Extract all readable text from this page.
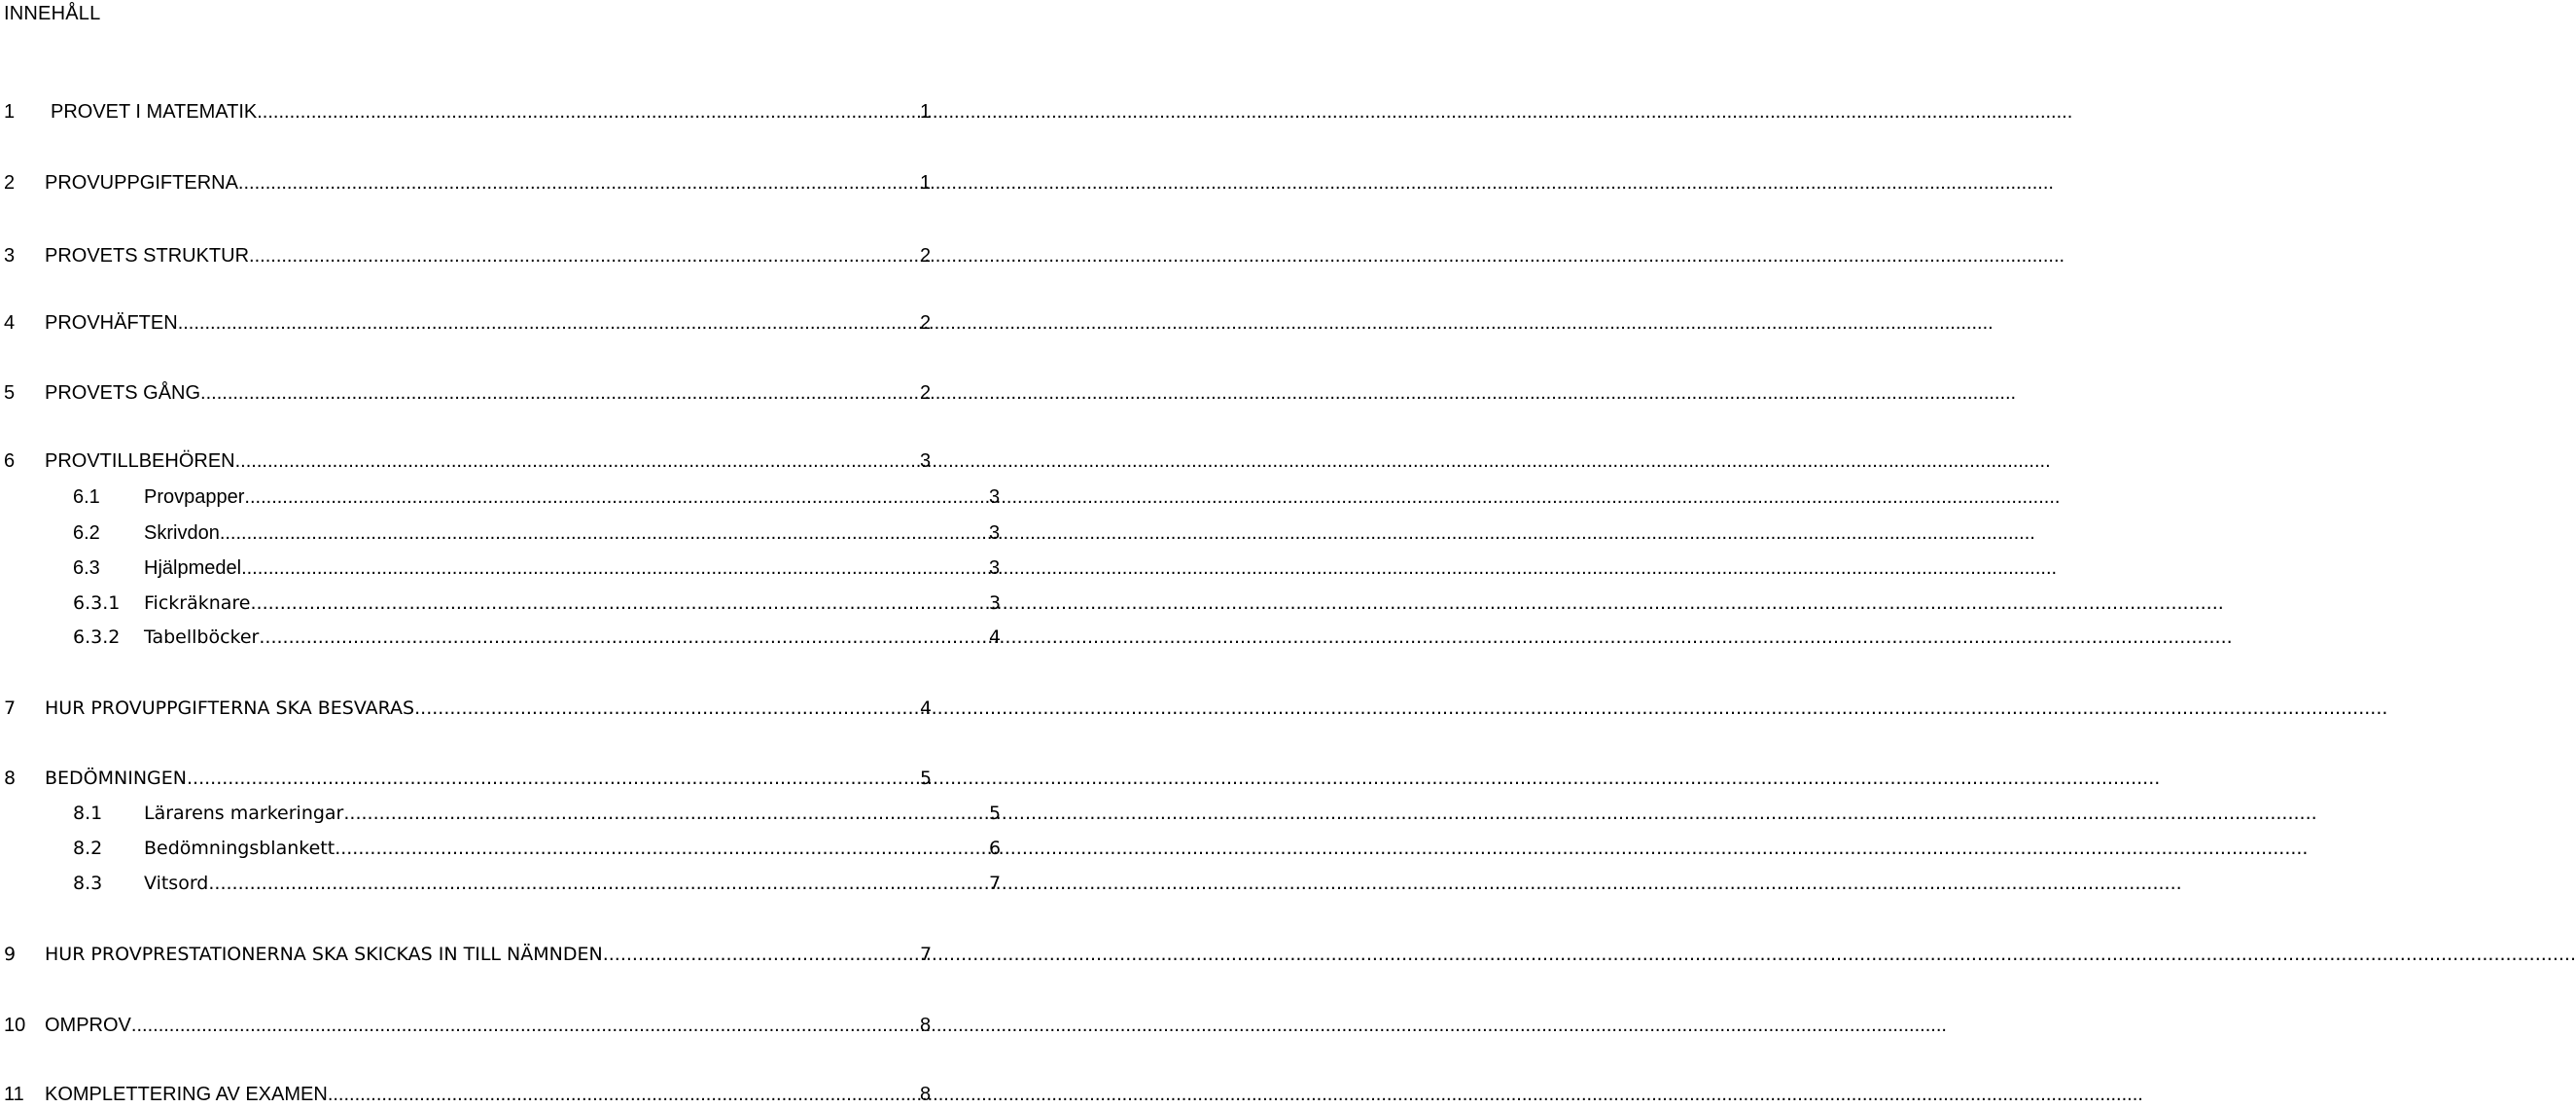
INNEHÅLL
1	PROVET I MATEMATIK .....	1
2	PROVUPPGIFTERNA .....	1
3	PROVETS STRUKTUR .....	2
4	PROVHÄFTEN .....	2
5	PROVETS GÅNG .....	2
6	PROVTILLBEHÖREN .....	3
6.1	Provpapper .....	3
6.2	Skrivdon .....	3
6.3	Hjälpmedel .....	3
6.3.1	Fickräknare .....	3
6.3.2	Tabellböcker .....	4
7	HUR PROVUPPGIFTERNA SKA BESVARAS .....	4
8	BEDÖMNINGEN .....	5
8.1	Lärarens markeringar .....	5
8.2	Bedömningsblankett .....	6
8.3	Vitsord .....	7
9	HUR PROVPRESTATIONERNA SKA SKICKAS IN TILL NÄMNDEN .....	7
10 OMPROV .....	8
11	KOMPLETTERING AV EXAMEN .....	8
